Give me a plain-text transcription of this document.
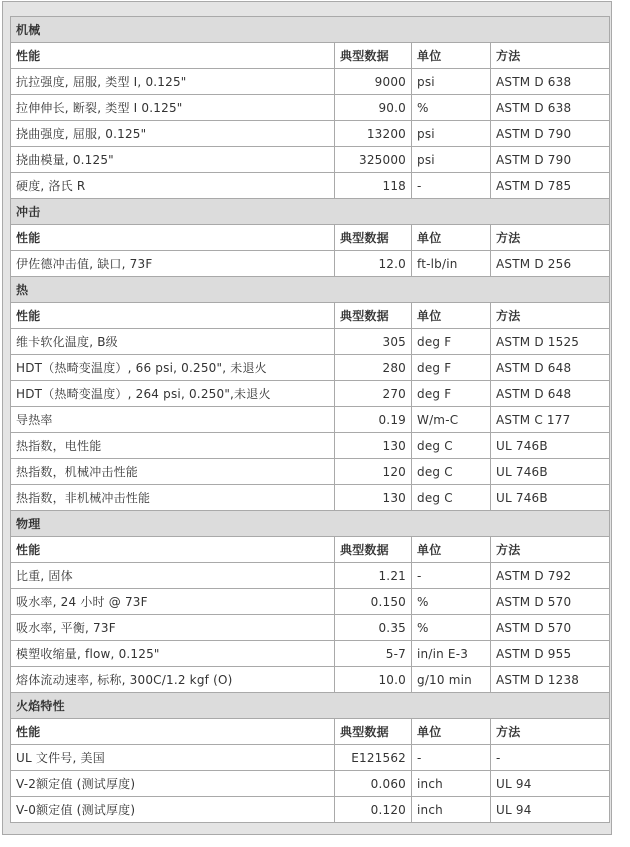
机械			
性能	典型数据	单位	方法
抗拉强度, 屈服, 类型 I, 0.125"	9000	psi	ASTM D 638
拉伸伸长, 断裂, 类型 I 0.125"	90.0	%	ASTM D 638
挠曲强度, 屈服, 0.125"	13200	psi	ASTM D 790
挠曲模量, 0.125"	325000	psi	ASTM D 790
硬度, 洛氏 R	118	-	ASTM D 785
冲击			
性能	典型数据	单位	方法
伊佐德冲击值, 缺口, 73F	12.0	ft-lb/in	ASTM D 256
热			
性能	典型数据	单位	方法
维卡软化温度, B级	305	deg F	ASTM D 1525
HDT（热畸变温度）, 66 psi, 0.250", 未退火	280	deg F	ASTM D 648
HDT（热畸变温度）, 264 psi, 0.250",未退火	270	deg F	ASTM D 648
导热率	0.19	W/m-C	ASTM C 177
热指数，电性能	130	deg C	UL 746B
热指数，机械冲击性能	120	deg C	UL 746B
热指数，非机械冲击性能	130	deg C	UL 746B
物理			
性能	典型数据	单位	方法
比重, 固体	1.21	-	ASTM D 792
吸水率, 24 小时 @ 73F	0.150	%	ASTM D 570
吸水率, 平衡, 73F	0.35	%	ASTM D 570
模塑收缩量, flow, 0.125"	5-7	in/in E-3	ASTM D 955
熔体流动速率, 标称, 300C/1.2 kgf (O)	10.0	g/10 min	ASTM D 1238
火焰特性			
性能	典型数据	单位	方法
UL 文件号, 美国	E121562	-	-
V-2额定值 (测试厚度)	0.060	inch	UL 94
V-0额定值 (测试厚度)	0.120	inch	UL 94
